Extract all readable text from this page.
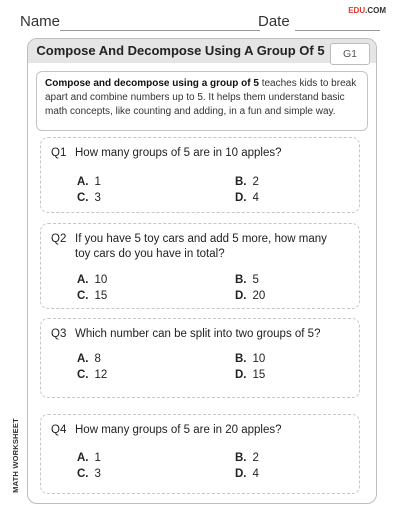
Name	Date
EDU.COM
MATH WORKSHEET
Compose And Decompose Using A Group Of 5	G1
Compose and decompose using a group of 5 teaches kids to break apart and combine numbers up to 5. It helps them understand basic math concepts, like counting and adding, in a fun and simple way.
Q1 How many groups of 5 are in 10 apples?
A. 1	B. 2
C. 3	D. 4
Q2 If you have 5 toy cars and add 5 more, how many toy cars do you have in total?
A. 10	B. 5
C. 15	D. 20
Q3 Which number can be split into two groups of 5?
A. 8	B. 10
C. 12	D. 15
Q4 How many groups of 5 are in 20 apples?
A. 1	B. 2
C. 3	D. 4
